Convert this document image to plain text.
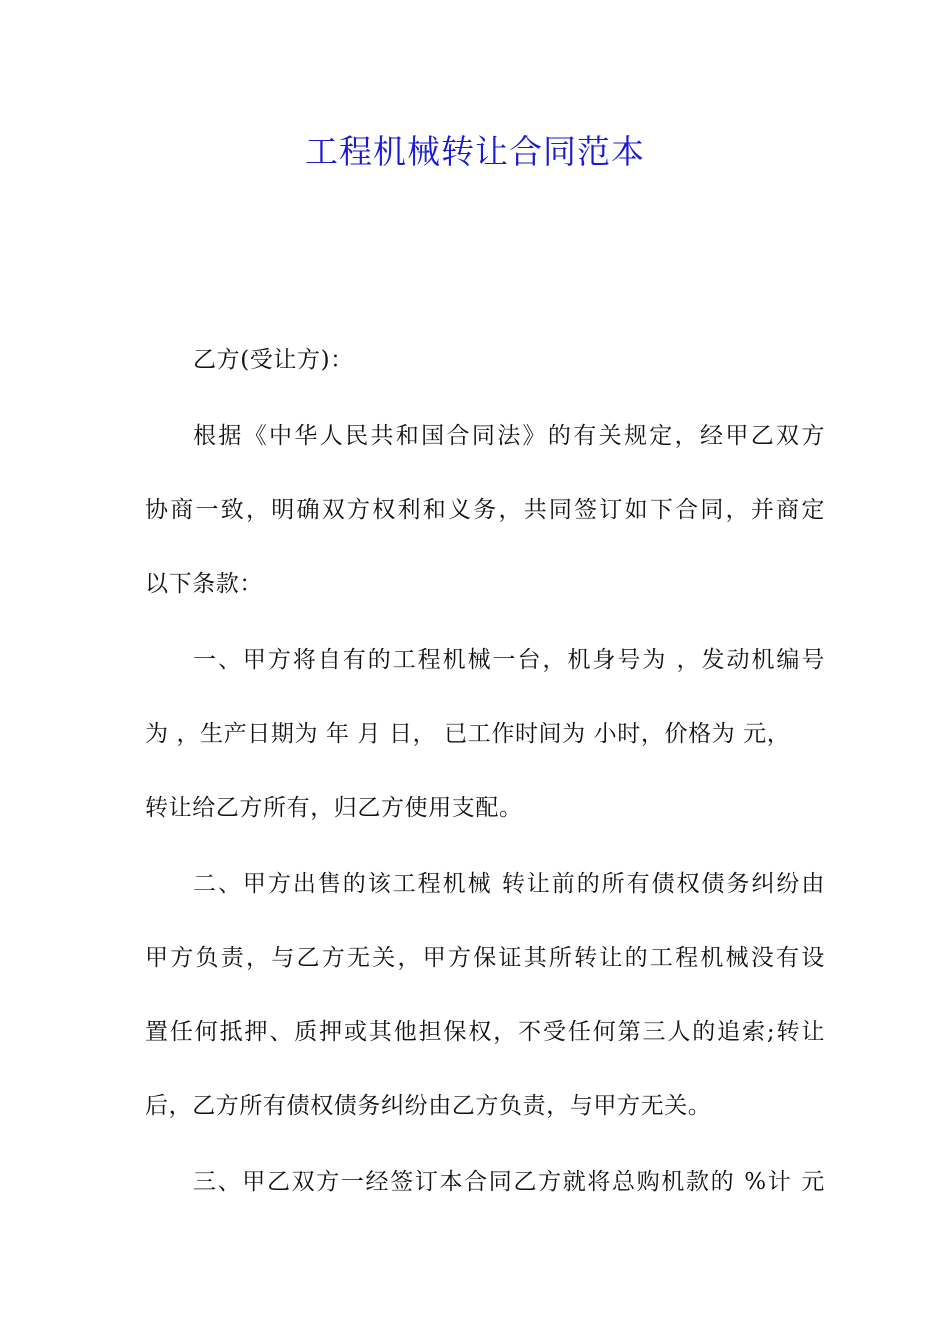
工程机械转让合同范本

乙方(受让方)：

根据《中华人民共和国合同法》的有关规定，经甲乙双方

协商一致，明确双方权利和义务，共同签订如下合同，并商定

以下条款：

一、甲方将自有的工程机械一台，机身号为 ，发动机编号

为 ，生产日期为 年 月 日， 已工作时间为 小时，价格为 元，

转让给乙方所有，归乙方使用支配。

二、甲方出售的该工程机械 转让前的所有债权债务纠纷由

甲方负责，与乙方无关，甲方保证其所转让的工程机械没有设

置任何抵押、质押或其他担保权，不受任何第三人的追索;转让

后，乙方所有债权债务纠纷由乙方负责，与甲方无关。

三、甲乙双方一经签订本合同乙方就将总购机款的 %计 元
